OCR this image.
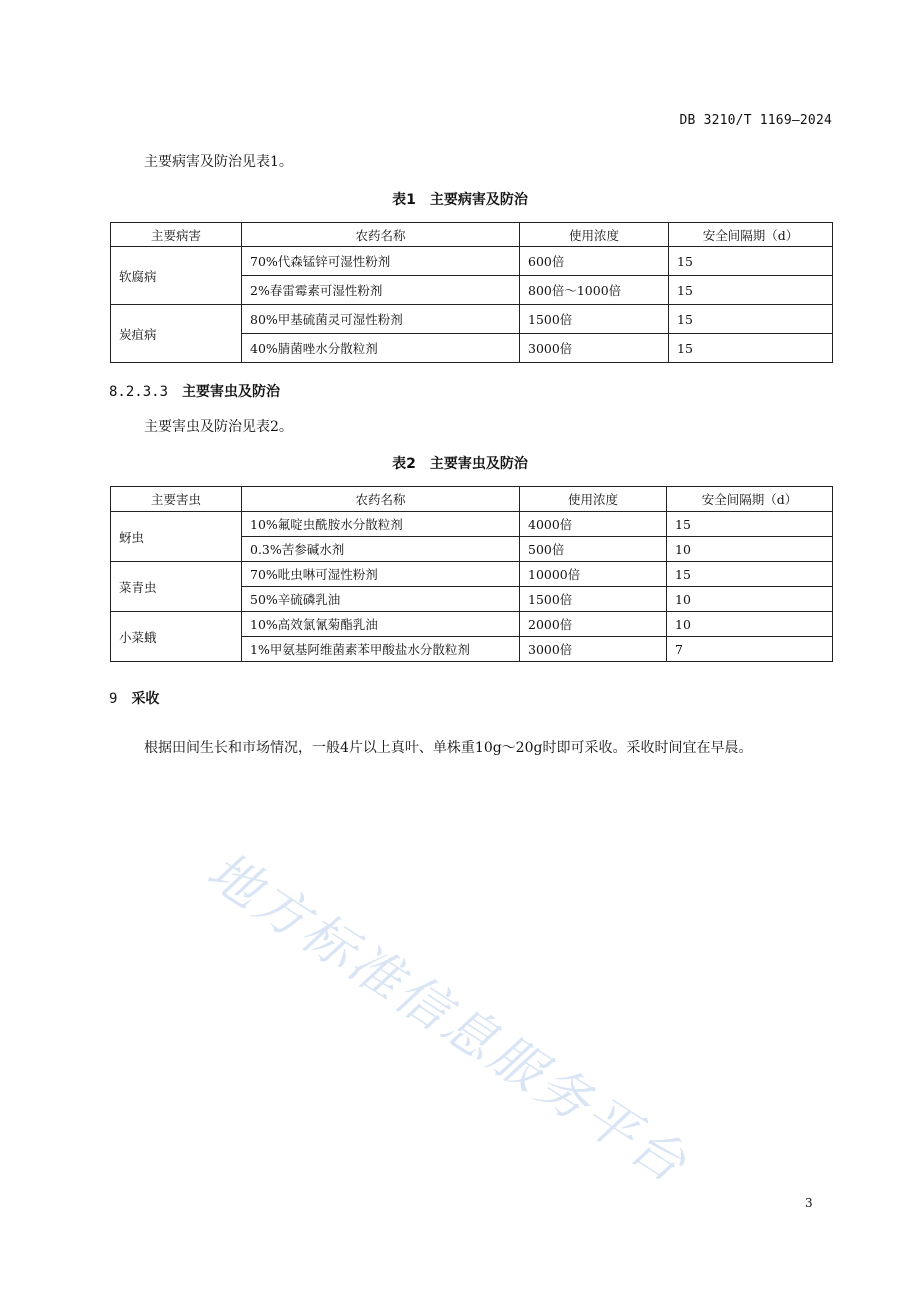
DB 3210/T 1169—2024
主要病害及防治见表1。
表1 主要病害及防治
主要病害	农药名称	使用浓度	安全间隔期（d）
软腐病	70%代森锰锌可湿性粉剂	600倍	15
	2%春雷霉素可湿性粉剂	800倍～1000倍	15
炭疽病	80%甲基硫菌灵可湿性粉剂	1500倍	15
	40%腈菌唑水分散粒剂	3000倍	15
8.2.3.3 主要害虫及防治
主要害虫及防治见表2。
表2 主要害虫及防治
主要害虫	农药名称	使用浓度	安全间隔期（d）
蚜虫	10%氟啶虫酰胺水分散粒剂	4000倍	15
	0.3%苦参碱水剂	500倍	10
菜青虫	70%吡虫啉可湿性粉剂	10000倍	15
	50%辛硫磷乳油	1500倍	10
小菜蛾	10%高效氯氰菊酯乳油	2000倍	10
	1%甲氨基阿维菌素苯甲酸盐水分散粒剂	3000倍	7
9 采收
根据田间生长和市场情况，一般4片以上真叶、单株重10g～20g时即可采收。采收时间宜在早晨。
地方标准信息服务平台
3
